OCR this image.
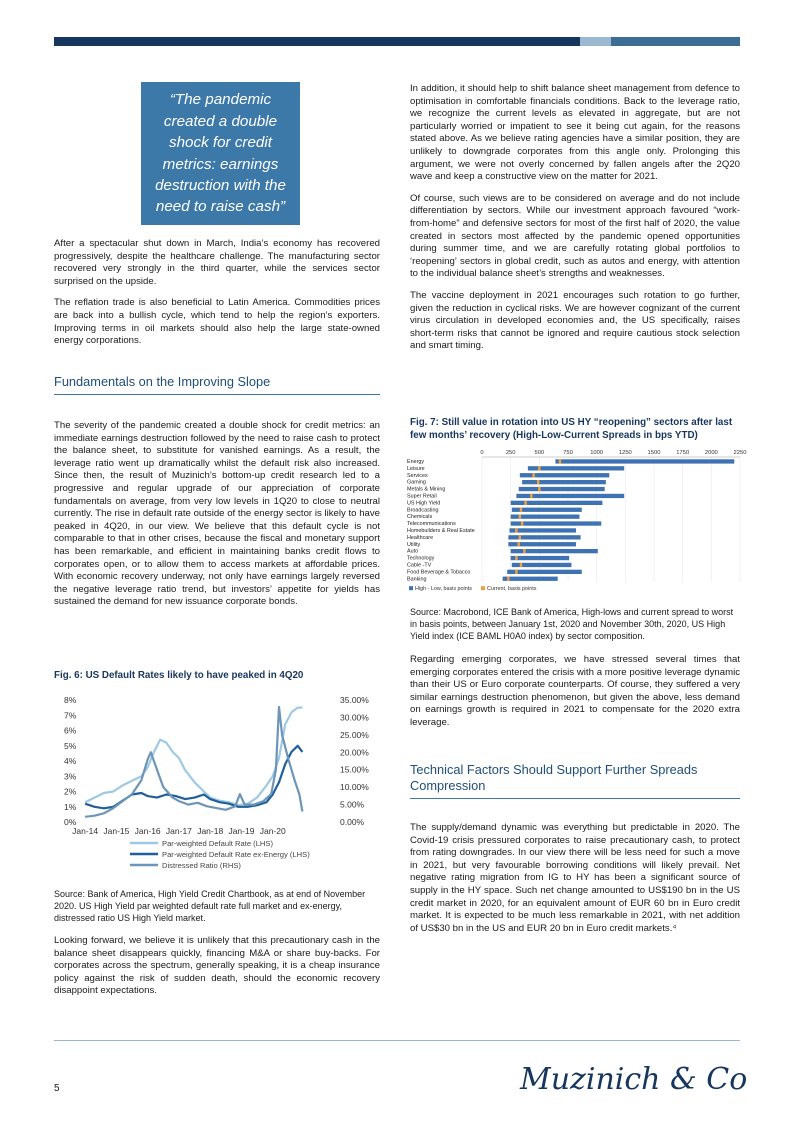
“The pandemic created a double shock for credit metrics: earnings destruction with the need to raise cash”

After a spectacular shut down in March, India’s economy has recovered progressively, despite the healthcare challenge. The manufacturing sector recovered very strongly in the third quarter, while the services sector surprised on the upside.

The reflation trade is also beneficial to Latin America. Commodities prices are back into a bullish cycle, which tend to help the region’s exporters. Improving terms in oil markets should also help the large state-owned energy corporations.

Fundamentals on the Improving Slope

The severity of the pandemic created a double shock for credit metrics: an immediate earnings destruction followed by the need to raise cash to protect the balance sheet, to substitute for vanished earnings. As a result, the leverage ratio went up dramatically whilst the default risk also increased. Since then, the result of Muzinich’s bottom-up credit research led to a progressive and regular upgrade of our appreciation of corporate fundamentals on average, from very low levels in 1Q20 to close to neutral currently. The rise in default rate outside of the energy sector is likely to have peaked in 4Q20, in our view. We believe that this default cycle is not comparable to that in other crises, because the fiscal and monetary support has been remarkable, and efficient in maintaining banks credit flows to corporates open, or to allow them to access markets at affordable prices. With economic recovery underway, not only have earnings largely reversed the negative leverage ratio trend, but investors’ appetite for yields has sustained the demand for new issuance corporate bonds.

Fig. 6: US Default Rates likely to have peaked in 4Q20
0%
1%
2%
3%
4%
5%
6%
7%
8%
0.00%
5.00%
10.00%
15.00%
20.00%
25.00%
30.00%
35.00%
Jan-14 Jan-15 Jan-16 Jan-17 Jan-18 Jan-19 Jan-20
Par-weighted Default Rate (LHS)
Par-weighted Default Rate ex-Energy (LHS)
Distressed Ratio (RHS)
Source: Bank of America, High Yield Credit Chartbook, as at end of November 2020. US High Yield par weighted default rate full market and ex-energy, distressed ratio US High Yield market.

Looking forward, we believe it is unlikely that this precautionary cash in the balance sheet disappears quickly, financing M&A or share buy-backs. For corporates across the spectrum, generally speaking, it is a cheap insurance policy against the risk of sudden death, should the economic recovery disappoint expectations.

In addition, it should help to shift balance sheet management from defence to optimisation in comfortable financials conditions. Back to the leverage ratio, we recognize the current levels as elevated in aggregate, but are not particularly worried or impatient to see it being cut again, for the reasons stated above. As we believe rating agencies have a similar position, they are unlikely to downgrade corporates from this angle only. Prolonging this argument, we were not overly concerned by fallen angels after the 2Q20 wave and keep a constructive view on the matter for 2021.

Of course, such views are to be considered on average and do not include differentiation by sectors. While our investment approach favoured “work-from-home” and defensive sectors for most of the first half of 2020, the value created in sectors most affected by the pandemic opened opportunities during summer time, and we are carefully rotating global portfolios to ‘reopening’ sectors in global credit, such as autos and energy, with attention to the individual balance sheet’s strengths and weaknesses.

The vaccine deployment in 2021 encourages such rotation to go further, given the reduction in cyclical risks. We are however cognizant of the current virus circulation in developed economies and, the US specifically, raises short-term risks that cannot be ignored and require cautious stock selection and smart timing.

Fig. 7: Still value in rotation into US HY “reopening” sectors after last few months’ recovery (High-Low-Current Spreads in bps YTD)
0	250	500	750	1000	1250	1500	1750	2000	2250
Energy
Leisure
Services
Gaming
Metals & Mining
Super Retail
US High Yield
Broadcasting
Chemicals
Telecommunications
Homebuilders & Real Estate
Healthcare
Utility
Auto
Technology
Cable -TV
Food Beverage & Tobacco
Banking
High - Low, basis points	Current, basis points
Source: Macrobond, ICE Bank of America, High-lows and current spread to worst in basis points, between January 1st, 2020 and November 30th, 2020, US High Yield index (ICE BAML H0A0 index) by sector composition.

Regarding emerging corporates, we have stressed several times that emerging corporates entered the crisis with a more positive leverage dynamic than their US or Euro corporate counterparts. Of course, they suffered a very similar earnings destruction phenomenon, but given the above, less demand on earnings growth is required in 2021 to compensate for the 2020 extra leverage.

Technical Factors Should Support Further Spreads Compression

The supply/demand dynamic was everything but predictable in 2020. The Covid-19 crisis pressured corporates to raise precautionary cash, to protect from rating downgrades. In our view there will be less need for such a move in 2021, but very favourable borrowing conditions will likely prevail. Net negative rating migration from IG to HY has been a significant source of supply in the HY space. Such net change amounted to US$190 bn in the US credit market in 2020, for an equivalent amount of EUR 60 bn in Euro credit market. It is expected to be much less remarkable in 2021, with net addition of US$30 bn in the US and EUR 20 bn in Euro credit markets.⁴

5	Muzinich & Co
